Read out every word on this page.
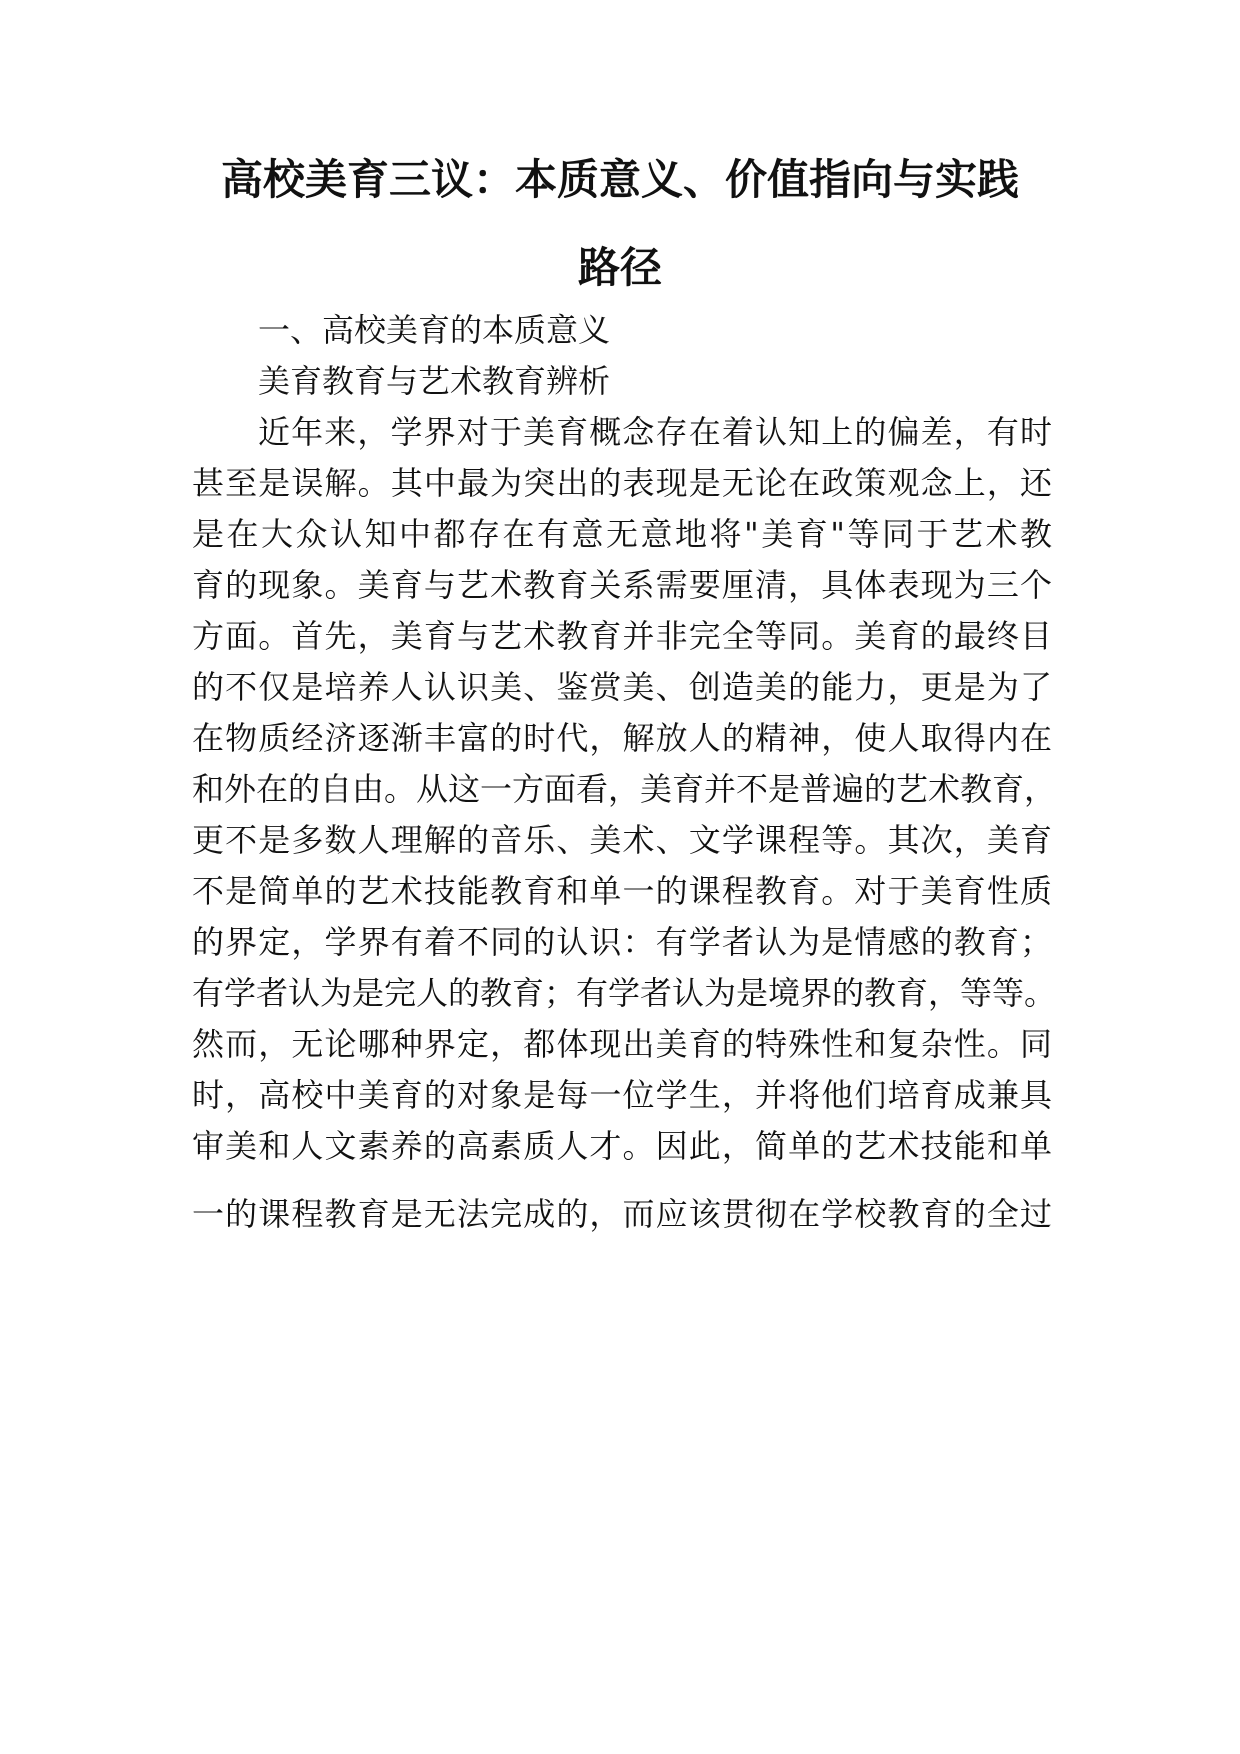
高校美育三议：本质意义、价值指向与实践
路径
一、高校美育的本质意义
美育教育与艺术教育辨析
近年来，学界对于美育概念存在着认知上的偏差，有时
甚至是误解。其中最为突出的表现是无论在政策观念上，还
是在大众认知中都存在有意无意地将"美育"等同于艺术教
育的现象。美育与艺术教育关系需要厘清，具体表现为三个
方面。首先，美育与艺术教育并非完全等同。美育的最终目
的不仅是培养人认识美、鉴赏美、创造美的能力，更是为了
在物质经济逐渐丰富的时代，解放人的精神，使人取得内在
和外在的自由。从这一方面看，美育并不是普遍的艺术教育，
更不是多数人理解的音乐、美术、文学课程等。其次，美育
不是简单的艺术技能教育和单一的课程教育。对于美育性质
的界定，学界有着不同的认识：有学者认为是情感的教育；
有学者认为是完人的教育；有学者认为是境界的教育，等等。
然而，无论哪种界定，都体现出美育的特殊性和复杂性。同
时，高校中美育的对象是每一位学生，并将他们培育成兼具
审美和人文素养的高素质人才。因此，简单的艺术技能和单
一的课程教育是无法完成的，而应该贯彻在学校教育的全过
